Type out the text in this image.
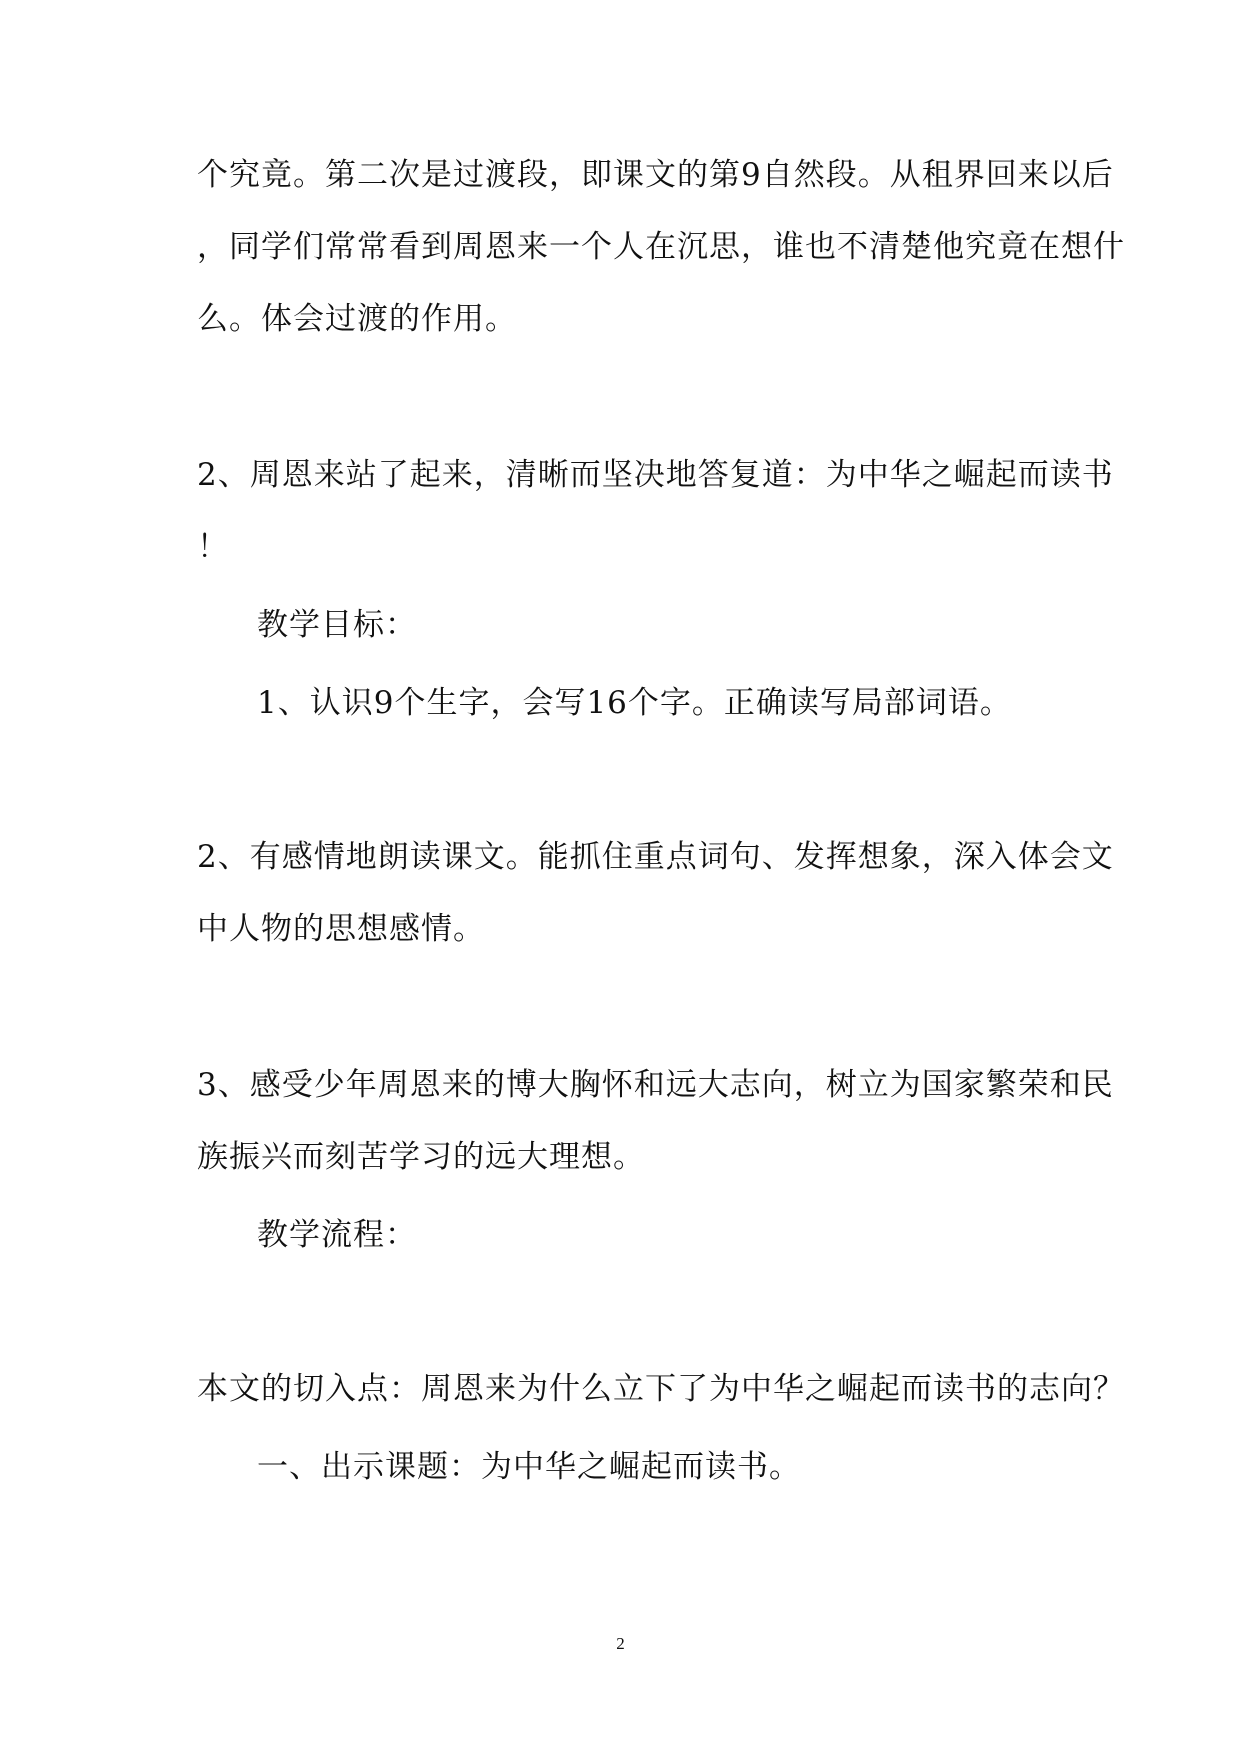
个究竟。第二次是过渡段，即课文的第9自然段。从租界回来以后
，同学们常常看到周恩来一个人在沉思，谁也不清楚他究竟在想什
么。体会过渡的作用。
2、周恩来站了起来，清晰而坚决地答复道：为中华之崛起而读书
！
教学目标：
1、认识9个生字，会写16个字。正确读写局部词语。
2、有感情地朗读课文。能抓住重点词句、发挥想象，深入体会文
中人物的思想感情。
3、感受少年周恩来的博大胸怀和远大志向，树立为国家繁荣和民
族振兴而刻苦学习的远大理想。
教学流程：
本文的切入点：周恩来为什么立下了为中华之崛起而读书的志向？
一、出示课题：为中华之崛起而读书。
2
